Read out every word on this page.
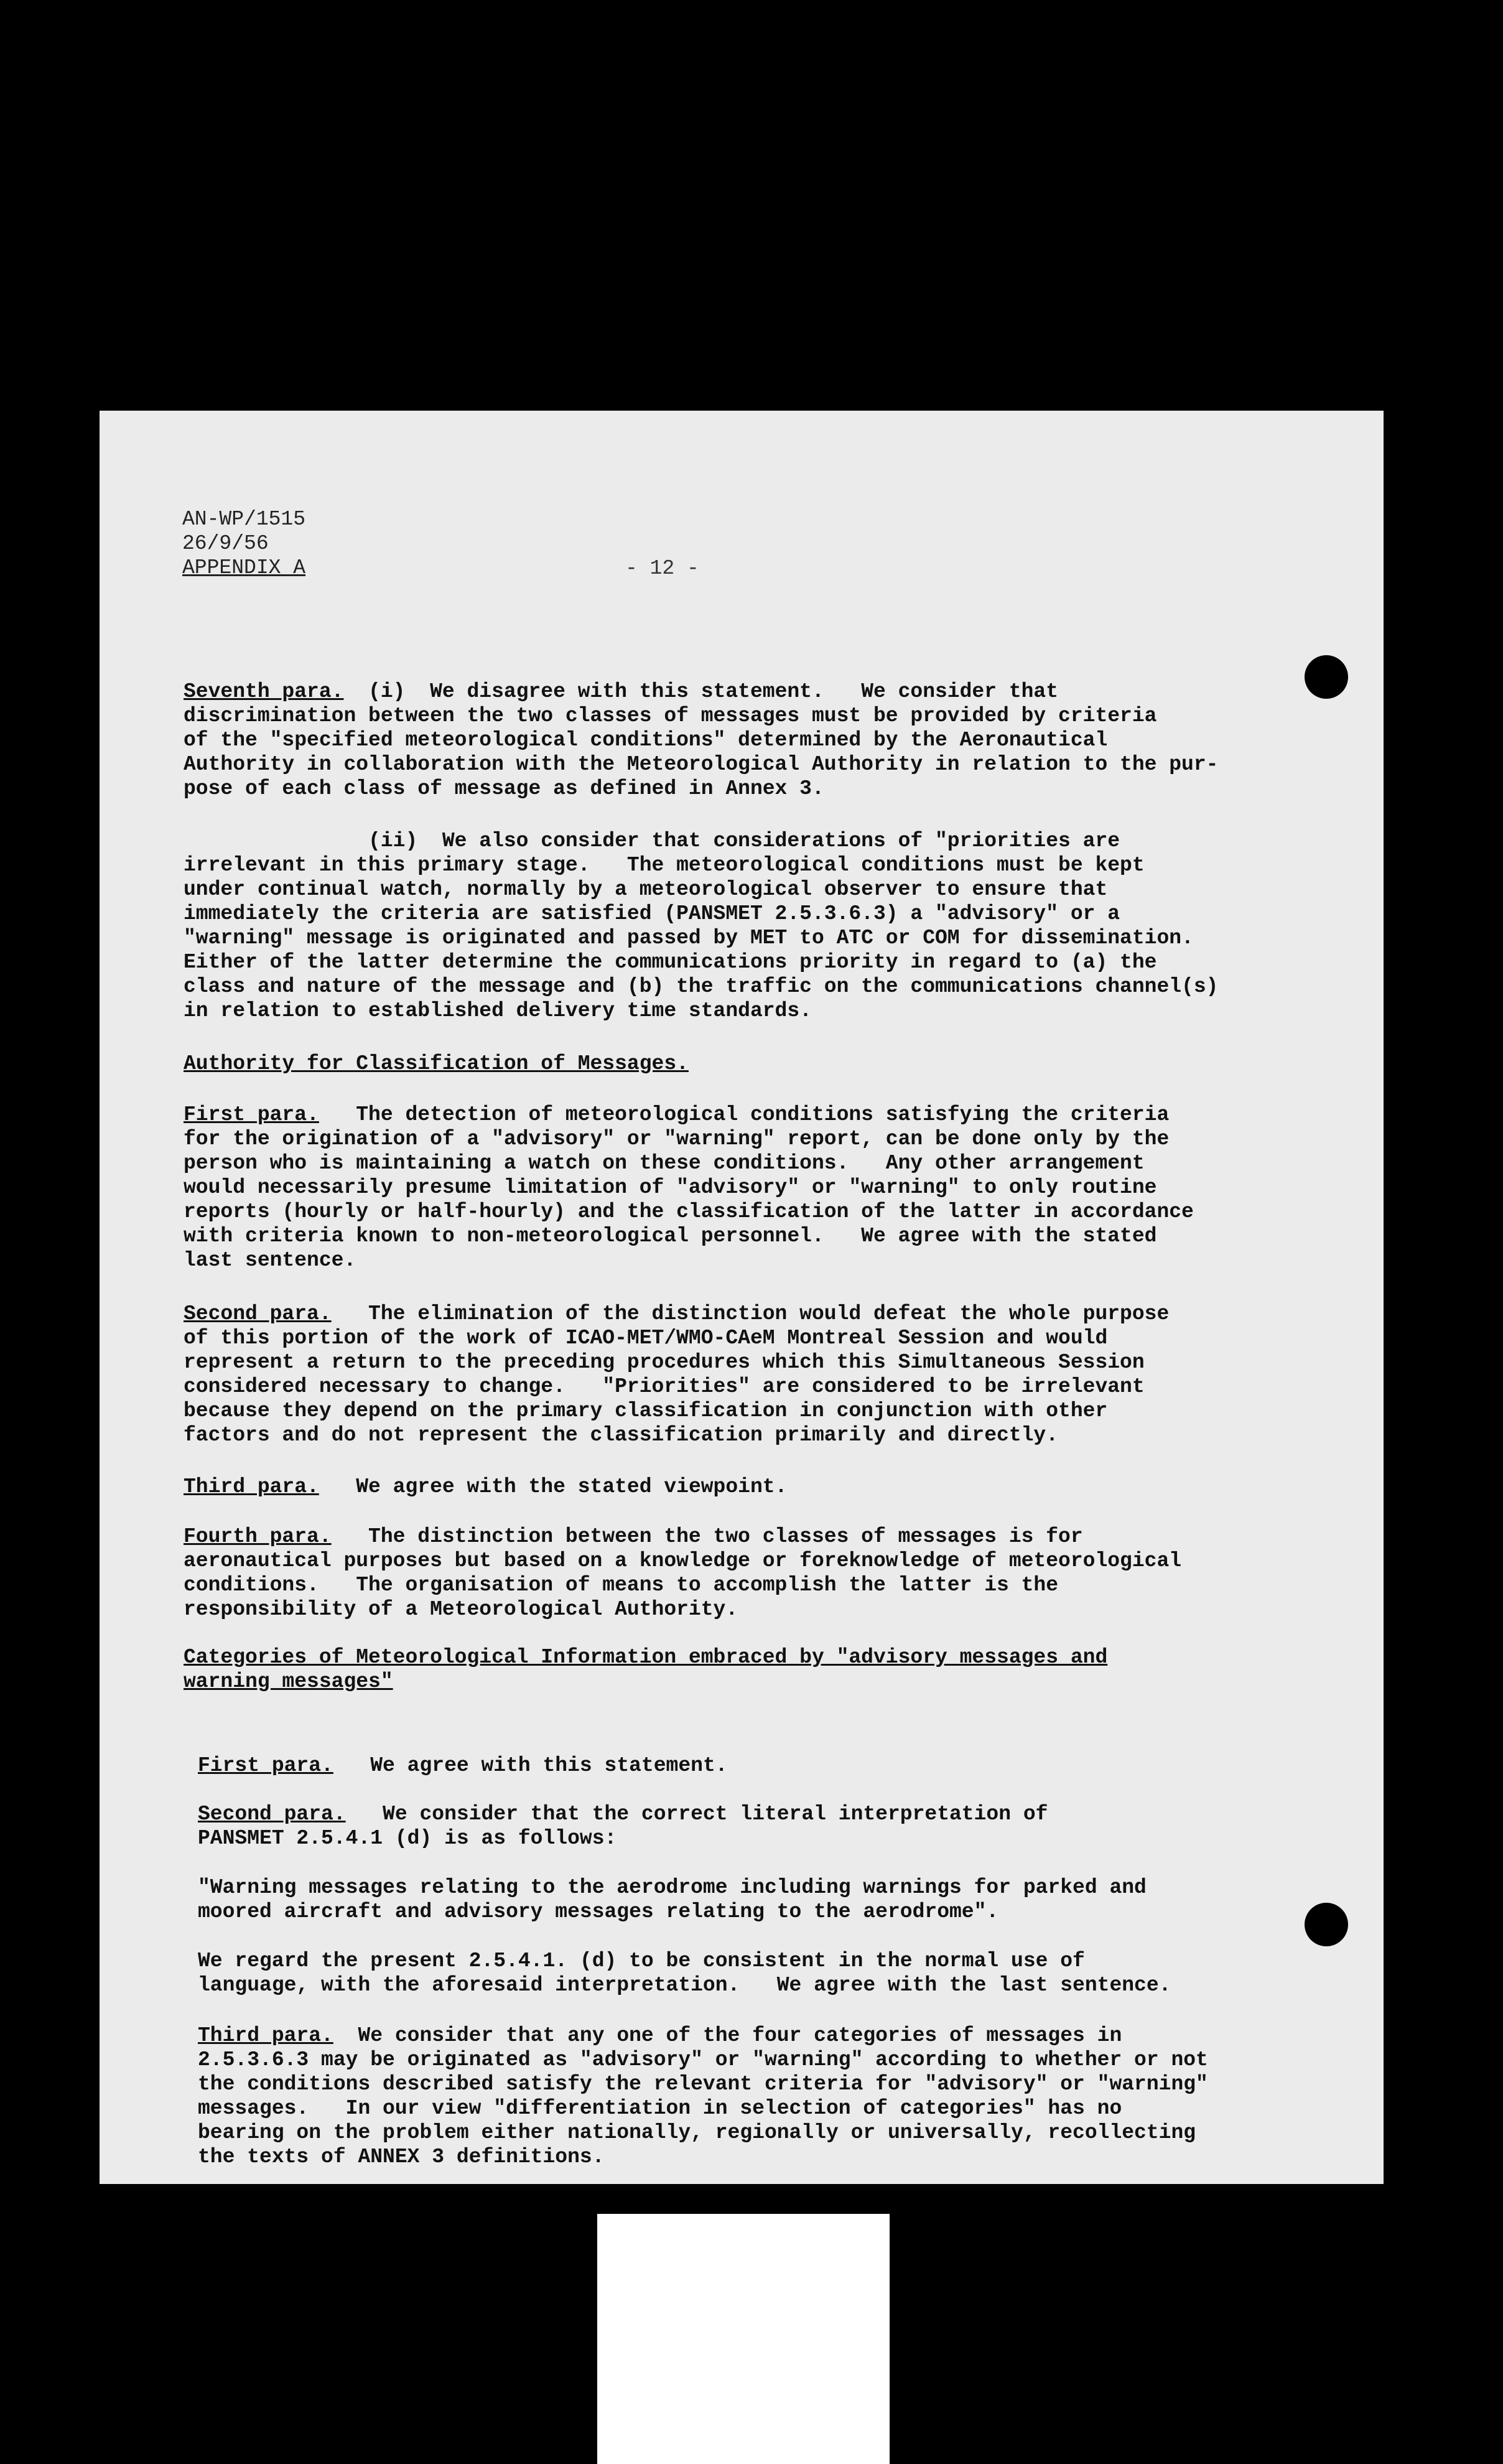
AN-WP/1515
26/9/56
APPENDIX A	- 12 -
Seventh para.  (i)  We disagree with this statement.   We consider that
discrimination between the two classes of messages must be provided by criteria
of the "specified meteorological conditions" determined by the Aeronautical
Authority in collaboration with the Meteorological Authority in relation to the pur-
pose of each class of message as defined in Annex 3.
(ii)  We also consider that considerations of "priorities are
irrelevant in this primary stage.   The meteorological conditions must be kept
under continual watch, normally by a meteorological observer to ensure that
immediately the criteria are satisfied (PANSMET 2.5.3.6.3) a "advisory" or a
"warning" message is originated and passed by MET to ATC or COM for dissemination.
Either of the latter determine the communications priority in regard to (a) the
class and nature of the message and (b) the traffic on the communications channel(s)
in relation to established delivery time standards.
Authority for Classification of Messages.
First para.   The detection of meteorological conditions satisfying the criteria
for the origination of a "advisory" or "warning" report, can be done only by the
person who is maintaining a watch on these conditions.   Any other arrangement
would necessarily presume limitation of "advisory" or "warning" to only routine
reports (hourly or half-hourly) and the classification of the latter in accordance
with criteria known to non-meteorological personnel.   We agree with the stated
last sentence.
Second para.   The elimination of the distinction would defeat the whole purpose
of this portion of the work of ICAO-MET/WMO-CAeM Montreal Session and would
represent a return to the preceding procedures which this Simultaneous Session
considered necessary to change.   "Priorities" are considered to be irrelevant
because they depend on the primary classification in conjunction with other
factors and do not represent the classification primarily and directly.
Third para.   We agree with the stated viewpoint.
Fourth para.   The distinction between the two classes of messages is for
aeronautical purposes but based on a knowledge or foreknowledge of meteorological
conditions.   The organisation of means to accomplish the latter is the
responsibility of a Meteorological Authority.
Categories of Meteorological Information embraced by "advisory messages and
warning messages"
First para.   We agree with this statement.
Second para.   We consider that the correct literal interpretation of
PANSMET 2.5.4.1 (d) is as follows:
"Warning messages relating to the aerodrome including warnings for parked and
moored aircraft and advisory messages relating to the aerodrome".
We regard the present 2.5.4.1. (d) to be consistent in the normal use of
language, with the aforesaid interpretation.   We agree with the last sentence.
Third para.  We consider that any one of the four categories of messages in
2.5.3.6.3 may be originated as "advisory" or "warning" according to whether or not
the conditions described satisfy the relevant criteria for "advisory" or "warning"
messages.   In our view "differentiation in selection of categories" has no
bearing on the problem either nationally, regionally or universally, recollecting
the texts of ANNEX 3 definitions.
